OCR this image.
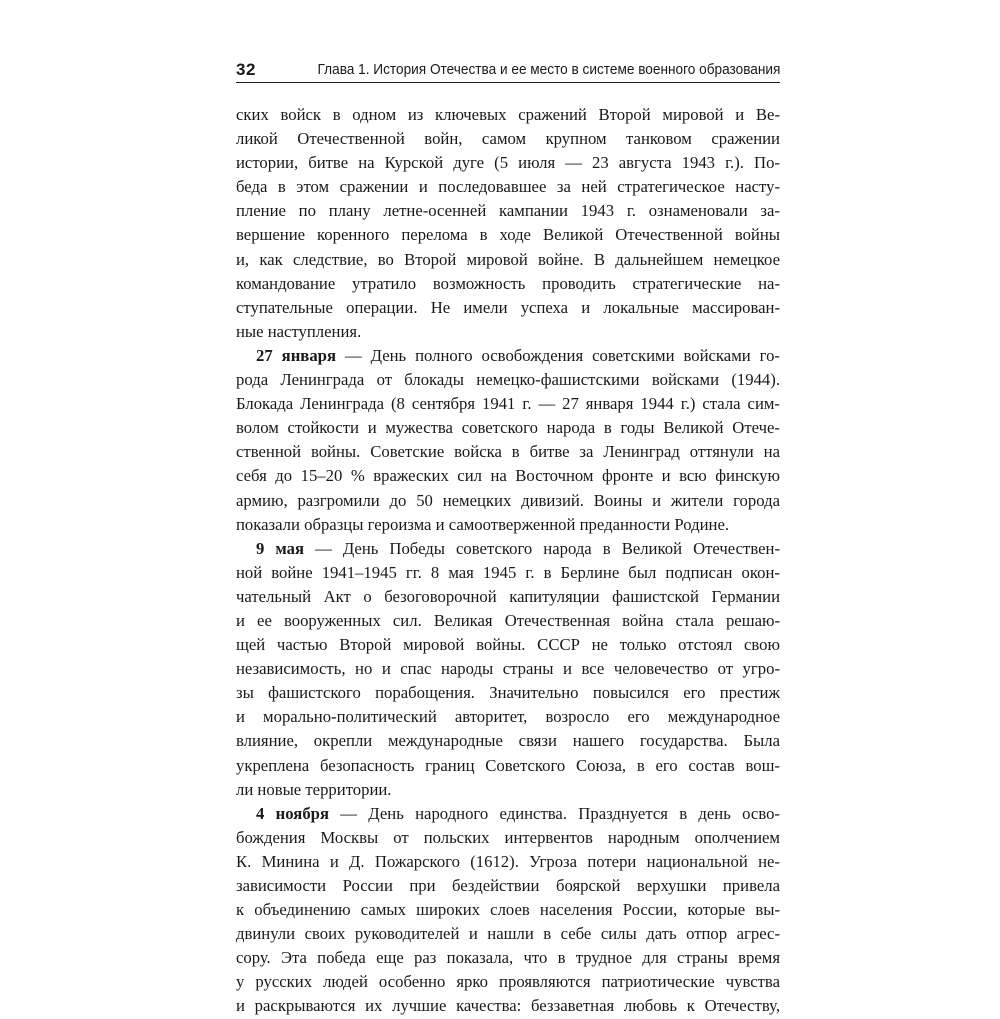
32	Глава 1. История Отечества и ее место в системе военного образования
ских войск в одном из ключевых сражений Второй мировой и Ве-
ликой Отечественной войн, самом крупном танковом сражении
истории, битве на Курской дуге (5 июля — 23 августа 1943 г.). По-
беда в этом сражении и последовавшее за ней стратегическое насту-
пление по плану летне-осенней кампании 1943 г. ознаменовали за-
вершение коренного перелома в ходе Великой Отечественной войны
и, как следствие, во Второй мировой войне. В дальнейшем немецкое
командование утратило возможность проводить стратегические на-
ступательные операции. Не имели успеха и локальные массирован-
ные наступления.
27 января — День полного освобождения советскими войсками го-
рода Ленинграда от блокады немецко-фашистскими войсками (1944).
Блокада Ленинграда (8 сентября 1941 г. — 27 января 1944 г.) стала сим-
волом стойкости и мужества советского народа в годы Великой Отече-
ственной войны. Советские войска в битве за Ленинград оттянули на
себя до 15–20 % вражеских сил на Восточном фронте и всю финскую
армию, разгромили до 50 немецких дивизий. Воины и жители города
показали образцы героизма и самоотверженной преданности Родине.
9 мая — День Победы советского народа в Великой Отечествен-
ной войне 1941–1945 гг. 8 мая 1945 г. в Берлине был подписан окон-
чательный Акт о безоговорочной капитуляции фашистской Германии
и ее вооруженных сил. Великая Отечественная война стала решаю-
щей частью Второй мировой войны. СССР не только отстоял свою
независимость, но и спас народы страны и все человечество от угро-
зы фашистского порабощения. Значительно повысился его престиж
и морально-политический авторитет, возросло его международное
влияние, окрепли международные связи нашего государства. Была
укреплена безопасность границ Советского Союза, в его состав вош-
ли новые территории.
4 ноября — День народного единства. Празднуется в день осво-
бождения Москвы от польских интервентов народным ополчением
К. Минина и Д. Пожарского (1612). Угроза потери национальной не-
зависимости России при бездействии боярской верхушки привела
к объединению самых широких слоев населения России, которые вы-
двинули своих руководителей и нашли в себе силы дать отпор агрес-
сору. Эта победа еще раз показала, что в трудное для страны время
у русских людей особенно ярко проявляются патриотические чувства
и раскрываются их лучшие качества: беззаветная любовь к Отечеству,
